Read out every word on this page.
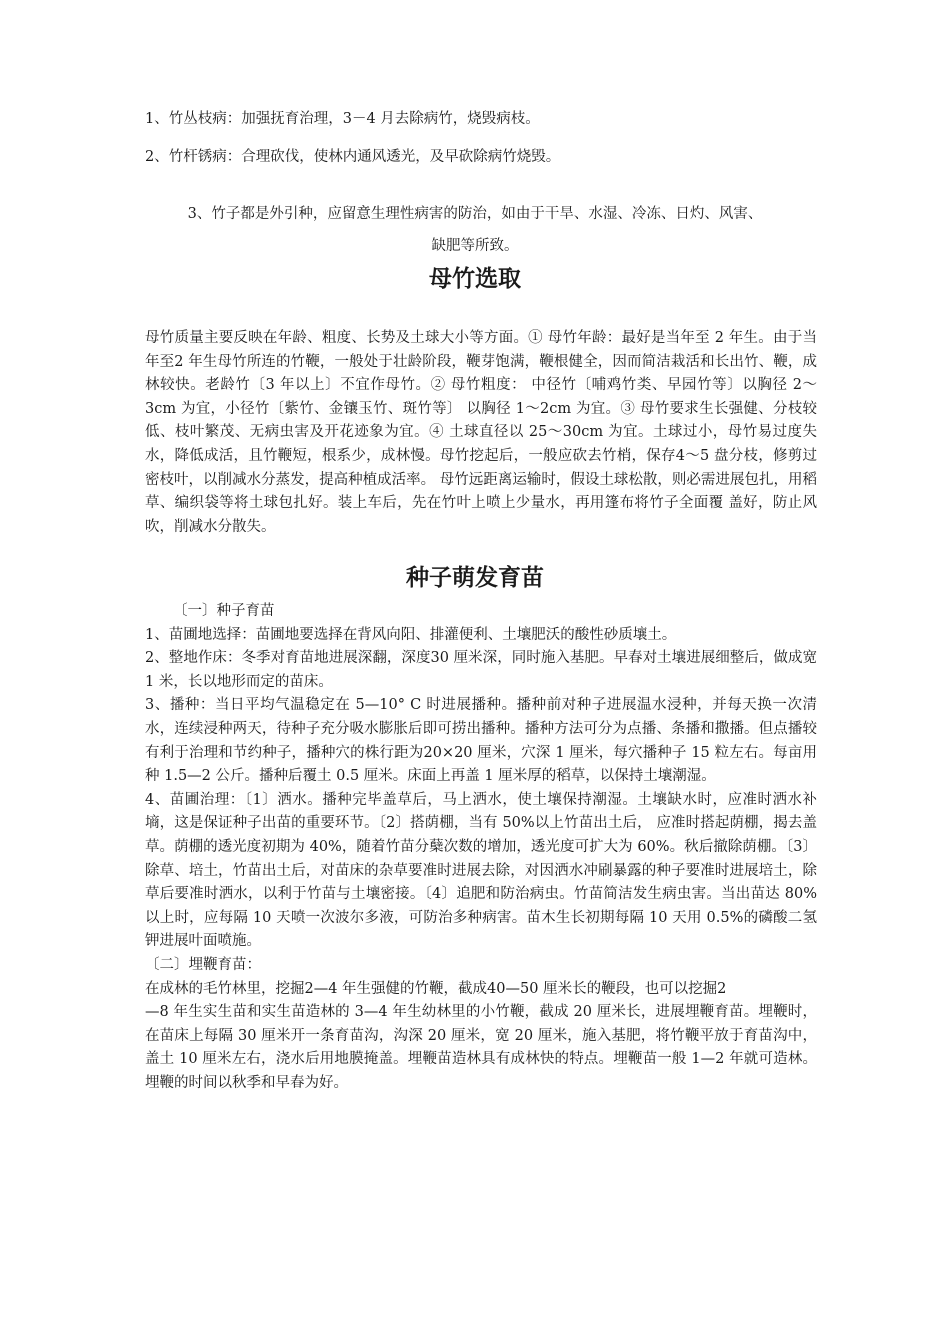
1、竹丛枝病：加强抚育治理，3－4 月去除病竹，烧毁病枝。
2、竹杆锈病：合理砍伐，使林内通风透光，及早砍除病竹烧毁。
3、竹子都是外引种，应留意生理性病害的防治，如由于干旱、水湿、冷冻、日灼、风害、
缺肥等所致。
母竹选取

母竹质量主要反映在年龄、粗度、长势及土球大小等方面。① 母竹年龄：最好是当年至 2 年生。由于当年至2 年生母竹所连的竹鞭，一般处于壮龄阶段，鞭芽饱满，鞭根健全，因而简洁栽活和长出竹、鞭，成林较快。老龄竹〔3 年以上〕不宜作母竹。② 母竹粗度： 中径竹〔哺鸡竹类、早园竹等〕以胸径 2～3cm 为宜，小径竹〔紫竹、金镶玉竹、斑竹等〕 以胸径 1～2cm 为宜。③ 母竹要求生长强健、分枝较低、枝叶繁茂、无病虫害及开花迹象为宜。④ 土球直径以 25～30cm 为宜。土球过小，母竹易过度失水，降低成活，且竹鞭短，根系少，成林慢。母竹挖起后，一般应砍去竹梢，保存4～5 盘分枝，修剪过密枝叶，以削减水分蒸发，提高种植成活率。 母竹远距离运输时，假设土球松散，则必需进展包扎，用稻草、编织袋等将土球包扎好。装上车后，先在竹叶上喷上少量水，再用篷布将竹子全面覆 盖好，防止风吹，削减水分散失。

种子萌发育苗

〔一〕种子育苗

1、苗圃地选择：苗圃地要选择在背风向阳、排灌便利、土壤肥沃的酸性砂质壤土。

2、整地作床：冬季对育苗地进展深翻，深度30 厘米深，同时施入基肥。早春对土壤进展细整后，做成宽 1 米，长以地形而定的苗床。

3、播种：当日平均气温稳定在 5—10° C 时进展播种。播种前对种子进展温水浸种，并每天换一次清水，连续浸种两天，待种子充分吸水膨胀后即可捞出播种。播种方法可分为点播、条播和撒播。但点播较有利于治理和节约种子，播种穴的株行距为20×20 厘米，穴深 1 厘米，每穴播种子 15 粒左右。每亩用种 1.5—2 公斤。播种后覆土 0.5 厘米。床面上再盖 1 厘米厚的稻草，以保持土壤潮湿。

4、苗圃治理：〔1〕洒水。播种完毕盖草后，马上洒水，使土壤保持潮湿。土壤缺水时，应准时洒水补墒，这是保证种子出苗的重要环节。〔2〕搭荫棚，当有 50%以上竹苗出土后， 应准时搭起荫棚，揭去盖草。荫棚的透光度初期为 40%，随着竹苗分蘖次数的增加，透光度可扩大为 60%。秋后撤除荫棚。〔3〕除草、培土，竹苗出土后，对苗床的杂草要准时进展去除，对因洒水冲刷暴露的种子要准时进展培土，除草后要准时洒水，以利于竹苗与土壤密接。〔4〕追肥和防治病虫。竹苗简洁发生病虫害。当出苗达 80%以上时，应每隔 10 天喷一次波尔多液，可防治多种病害。苗木生长初期每隔 10 天用 0.5%的磷酸二氢钾进展叶面喷施。

〔二〕埋鞭育苗：

在成林的毛竹林里，挖掘2—4 年生强健的竹鞭，截成40—50 厘米长的鞭段，也可以挖掘2

—8 年生实生苗和实生苗造林的 3—4 年生幼林里的小竹鞭，截成 20 厘米长，进展埋鞭育苗。埋鞭时，在苗床上每隔 30 厘米开一条育苗沟，沟深 20 厘米，宽 20 厘米，施入基肥，将竹鞭平放于育苗沟中，盖土 10 厘米左右，浇水后用地膜掩盖。埋鞭苗造林具有成林快的特点。埋鞭苗一般 1—2 年就可造林。埋鞭的时间以秋季和早春为好。
